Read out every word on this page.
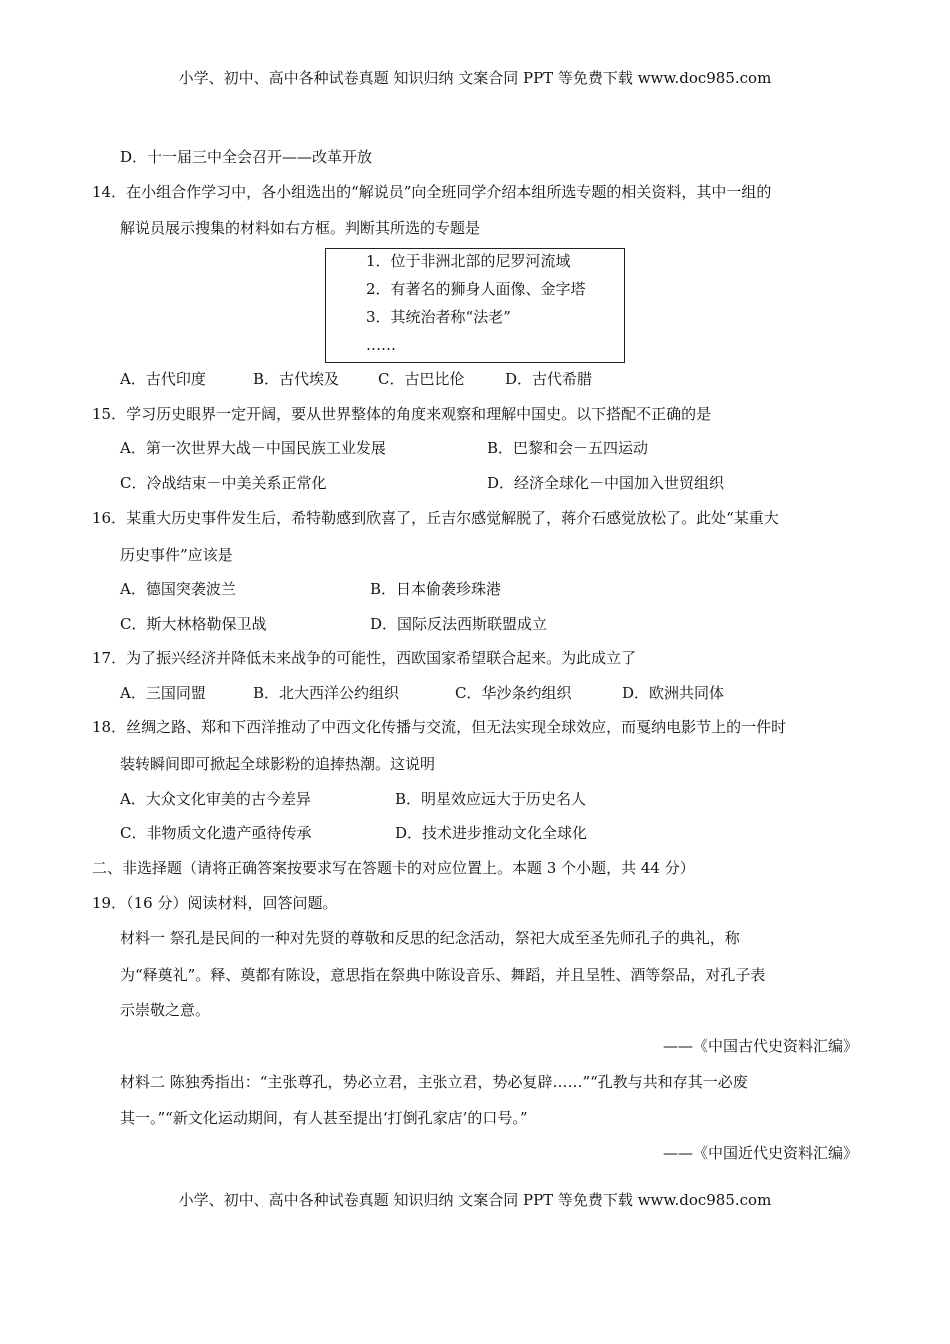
小学、初中、高中各种试卷真题 知识归纳 文案合同 PPT 等免费下载 www.doc985.com
D．十一届三中全会召开——改革开放
14．在小组合作学习中，各小组选出的“解说员”向全班同学介绍本组所选专题的相关资料，其中一组的
解说员展示搜集的材料如右方框。判断其所选的专题是
1．位于非洲北部的尼罗河流域
2．有著名的狮身人面像、金字塔
3．其统治者称“法老”
……
A．古代印度	B．古代埃及	C．古巴比伦	D．古代希腊
15．学习历史眼界一定开阔，要从世界整体的角度来观察和理解中国史。以下搭配不正确的是
A．第一次世界大战－中国民族工业发展	B．巴黎和会－五四运动
C．冷战结束－中美关系正常化	D．经济全球化－中国加入世贸组织
16．某重大历史事件发生后，希特勒感到欣喜了，丘吉尔感觉解脱了，蒋介石感觉放松了。此处“某重大
历史事件”应该是
A．德国突袭波兰	B．日本偷袭珍珠港
C．斯大林格勒保卫战	D．国际反法西斯联盟成立
17．为了振兴经济并降低未来战争的可能性，西欧国家希望联合起来。为此成立了
A．三国同盟	B．北大西洋公约组织	C．华沙条约组织	D．欧洲共同体
18．丝绸之路、郑和下西洋推动了中西文化传播与交流，但无法实现全球效应，而戛纳电影节上的一件时
装转瞬间即可掀起全球影粉的追捧热潮。这说明
A．大众文化审美的古今差异	B．明星效应远大于历史名人
C．非物质文化遗产亟待传承	D．技术进步推动文化全球化
二、非选择题（请将正确答案按要求写在答题卡的对应位置上。本题 3 个小题，共 44 分）
19．（16 分）阅读材料，回答问题。
材料一 祭孔是民间的一种对先贤的尊敬和反思的纪念活动，祭祀大成至圣先师孔子的典礼，称
为“释奠礼”。释、奠都有陈设，意思指在祭典中陈设音乐、舞蹈，并且呈牲、酒等祭品，对孔子表
示崇敬之意。
——《中国古代史资料汇编》
材料二 陈独秀指出：“主张尊孔，势必立君，主张立君，势必复辟……”“孔教与共和存其一必废
其一。”“新文化运动期间，有人甚至提出‘打倒孔家店’的口号。”
——《中国近代史资料汇编》
小学、初中、高中各种试卷真题 知识归纳 文案合同 PPT 等免费下载 www.doc985.com
